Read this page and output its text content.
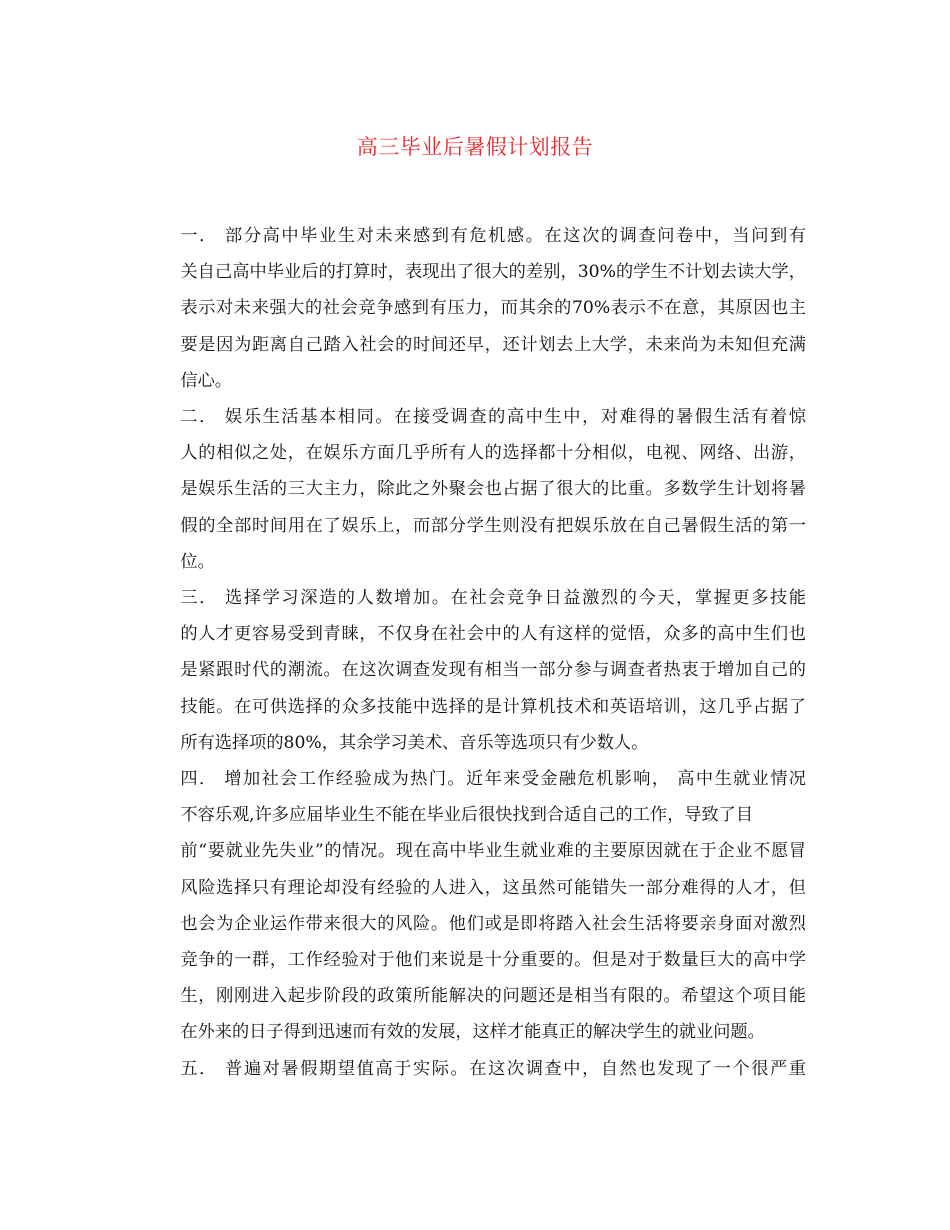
高三毕业后暑假计划报告
一． 部分高中毕业生对未来感到有危机感。在这次的调查问卷中，当问到有
关自己高中毕业后的打算时，表现出了很大的差别，30%的学生不计划去读大学，
表示对未来强大的社会竞争感到有压力，而其余的70%表示不在意，其原因也主
要是因为距离自己踏入社会的时间还早，还计划去上大学，未来尚为未知但充满
信心。
二． 娱乐生活基本相同。在接受调查的高中生中，对难得的暑假生活有着惊
人的相似之处，在娱乐方面几乎所有人的选择都十分相似，电视、网络、出游，
是娱乐生活的三大主力，除此之外聚会也占据了很大的比重。多数学生计划将暑
假的全部时间用在了娱乐上，而部分学生则没有把娱乐放在自己暑假生活的第一
位。
三． 选择学习深造的人数增加。在社会竞争日益激烈的今天，掌握更多技能
的人才更容易受到青睐，不仅身在社会中的人有这样的觉悟，众多的高中生们也
是紧跟时代的潮流。在这次调查发现有相当一部分参与调查者热衷于增加自己的
技能。在可供选择的众多技能中选择的是计算机技术和英语培训，这几乎占据了
所有选择项的80%，其余学习美术、音乐等选项只有少数人。
四． 增加社会工作经验成为热门。近年来受金融危机影响， 高中生就业情况
不容乐观,许多应届毕业生不能在毕业后很快找到合适自己的工作，导致了目
前“要就业先失业”的情况。现在高中毕业生就业难的主要原因就在于企业不愿冒
风险选择只有理论却没有经验的人进入，这虽然可能错失一部分难得的人才，但
也会为企业运作带来很大的风险。他们或是即将踏入社会生活将要亲身面对激烈
竞争的一群，工作经验对于他们来说是十分重要的。但是对于数量巨大的高中学
生，刚刚进入起步阶段的政策所能解决的问题还是相当有限的。希望这个项目能
在外来的日子得到迅速而有效的发展，这样才能真正的解决学生的就业问题。
五． 普遍对暑假期望值高于实际。在这次调查中，自然也发现了一个很严重
